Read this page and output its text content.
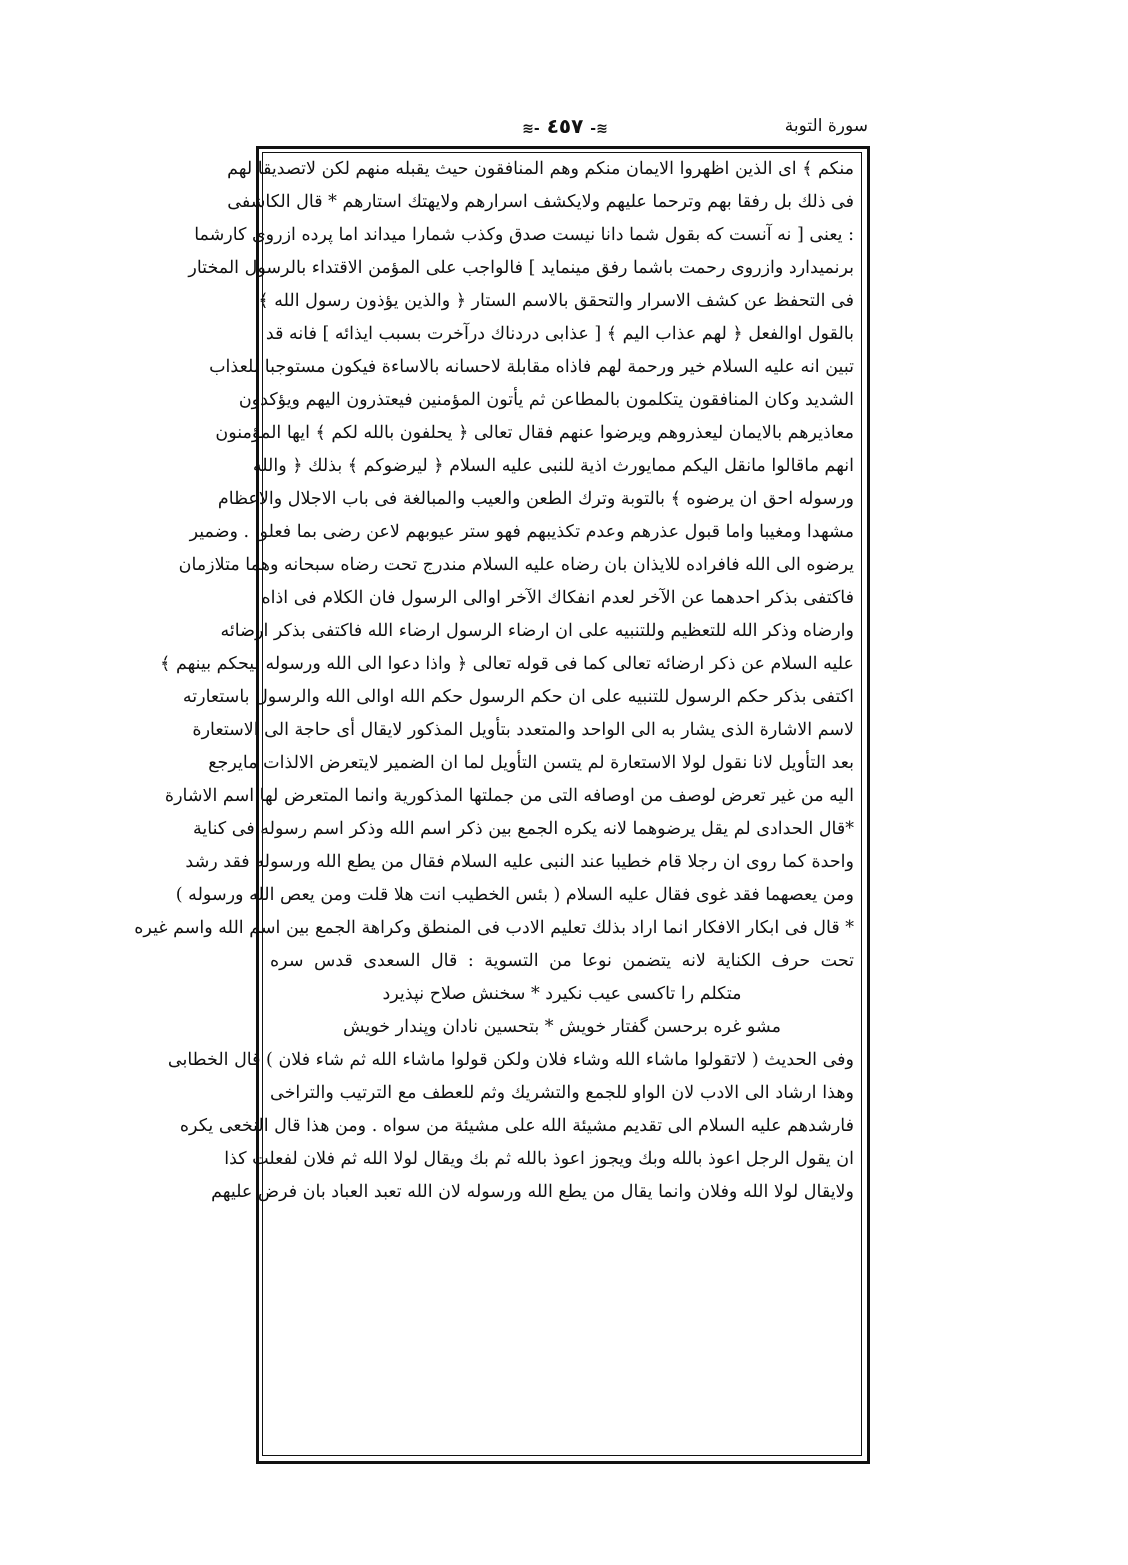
سورة التوبة
≋- ٤٥٧ -≋
منكم ﴾ اى الذين اظهروا الايمان منكم وهم المنافقون حيث يقبله منهم لكن لاتصديقا لهم
فى ذلك بل رفقا بهم وترحما عليهم ولايكشف اسرارهم ولايهتك استارهم * قال الكاشفى
: يعنى [ نه آنست كه بقول شما دانا نيست صدق وكذب شمارا ميداند اما پرده ازروى كارشما
برنميدارد وازروى رحمت باشما رفق مينمايد ] فالواجب على المؤمن الاقتداء بالرسول المختار
فى التحفظ عن كشف الاسرار والتحقق بالاسم الستار ﴿ والذين يؤذون رسول الله ﴾
بالقول اوالفعل ﴿ لهم عذاب اليم ﴾ [ عذابى دردناك درآخرت بسبب ايذائه ] فانه قد
تبين انه عليه السلام خير ورحمة لهم فاذاه مقابلة لاحسانه بالاساءة فيكون مستوجبا للعذاب
الشديد وكان المنافقون يتكلمون بالمطاعن ثم يأتون المؤمنين فيعتذرون اليهم ويؤكدون
معاذيرهم بالايمان ليعذروهم ويرضوا عنهم فقال تعالى ﴿ يحلفون بالله لكم ﴾ ايها المؤمنون
انهم ماقالوا مانقل اليكم ممايورث اذية للنبى عليه السلام ﴿ ليرضوكم ﴾ بذلك ﴿ والله
ورسوله احق ان يرضوه ﴾ بالتوبة وترك الطعن والعيب والمبالغة فى باب الاجلال والاعظام
مشهدا ومغيبا واما قبول عذرهم وعدم تكذيبهم فهو ستر عيوبهم لاعن رضى بما فعلوا . وضمير
يرضوه الى الله فافراده للايذان بان رضاه عليه السلام مندرج تحت رضاه سبحانه وهما متلازمان
فاكتفى بذكر احدهما عن الآخر لعدم انفكاك الآخر اوالى الرسول فان الكلام فى اذاه
وارضاه وذكر الله للتعظيم وللتنبيه على ان ارضاء الرسول ارضاء الله فاكتفى بذكر ارضائه
عليه السلام عن ذكر ارضائه تعالى كما فى قوله تعالى ﴿ واذا دعوا الى الله ورسوله ليحكم بينهم ﴾
اكتفى بذكر حكم الرسول للتنبيه على ان حكم الرسول حكم الله اوالى الله والرسول باستعارته
لاسم الاشارة الذى يشار به الى الواحد والمتعدد بتأويل المذكور لايقال أى حاجة الى الاستعارة
بعد التأويل لانا نقول لولا الاستعارة لم يتسن التأويل لما ان الضمير لايتعرض الالذات مايرجع
اليه من غير تعرض لوصف من اوصافه التى من جملتها المذكورية وانما المتعرض لها اسم الاشارة
*قال الحدادى لم يقل يرضوهما لانه يكره الجمع بين ذكر اسم الله وذكر اسم رسوله فى كناية
واحدة كما روى ان رجلا قام خطيبا عند النبى عليه السلام فقال من يطع الله ورسوله فقد رشد
ومن يعصهما فقد غوى فقال عليه السلام ( بئس الخطيب انت هلا قلت ومن يعص الله ورسوله )
* قال فى ابكار الافكار انما اراد بذلك تعليم الادب فى المنطق وكراهة الجمع بين اسم الله واسم غيره
تحت حرف الكناية لانه يتضمن نوعا من التسوية : قال السعدى قدس سره
متكلم را تاكسى عيب نكيرد * سخنش صلاح نپذيرد
مشو غره برحسن گفتار خويش * بتحسين نادان وپندار خويش
وفى الحديث ( لاتقولوا ماشاء الله وشاء فلان ولكن قولوا ماشاء الله ثم شاء فلان ) قال الخطابى
وهذا ارشاد الى الادب لان الواو للجمع والتشريك وثم للعطف مع الترتيب والتراخى
فارشدهم عليه السلام الى تقديم مشيئة الله على مشيئة من سواه . ومن هذا قال النخعى يكره
ان يقول الرجل اعوذ بالله وبك ويجوز اعوذ بالله ثم بك ويقال لولا الله ثم فلان لفعلت كذا
ولايقال لولا الله وفلان وانما يقال من يطع الله ورسوله لان الله تعبد العباد بان فرض عليهم
